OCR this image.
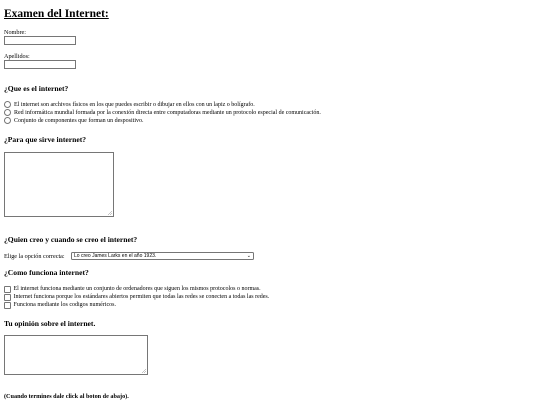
Examen del Internet:
Nombre:
Apellidos:
¿Que es el internet?
El internet son archivos físicos en los que puedes escribir o dibujar en ellos con un lapiz o bolígrafo.
Red informática mundial formada por la conexión directa entre computadoras mediante un protocolo especial de comunicación.
Conjunto de componentes que forman un despositivo.
¿Para que sirve internet?
¿Quien creo y cuando se creo el internet?
Elige la opción correcta: Lo creo James Larks en el año 1923.	⌄
¿Como funciona internet?
El internet funciona mediante un conjunto de ordenadores que siguen los mismos protocolos o normas.
Internet funciona porque los estándares abiertos permiten que todas las redes se conecten a todas las redes.
Funciona mediante los codigos numéricos.
Tu opinión sobre el internet.
(Cuando termines dale click al boton de abajo).
